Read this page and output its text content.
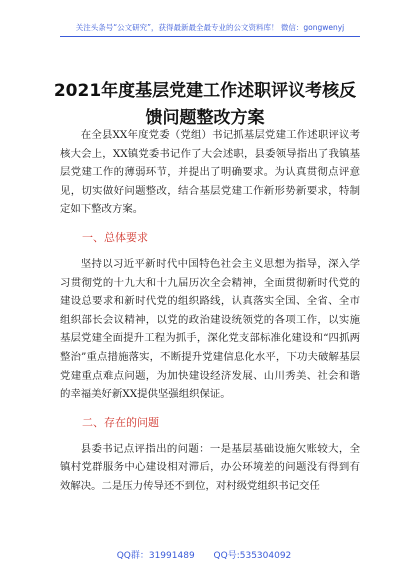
关注头条号“公文研究”，获得最新最全最专业的公文资料库！ 微信：gongwenyj
2021年度基层党建工作述职评议考核反馈问题整改方案

在全县XX年度党委（党组）书记抓基层党建工作述职评议考核大会上，XX镇党委书记作了大会述职，县委领导指出了我镇基层党建工作的薄弱环节，并提出了明确要求。为认真贯彻点评意见，切实做好问题整改，结合基层党建工作新形势新要求，特制定如下整改方案。

一、总体要求

坚持以习近平新时代中国特色社会主义思想为指导，深入学习贯彻党的十九大和十九届历次全会精神，全面贯彻新时代党的建设总要求和新时代党的组织路线，认真落实全国、全省、全市组织部长会议精神，以党的政治建设统领党的各项工作，以实施基层党建全面提升工程为抓手，深化党支部标准化建设和“四抓两整治”重点措施落实，不断提升党建信息化水平，下功夫破解基层党建重点难点问题，为加快建设经济发展、山川秀美、社会和谐的幸福美好新XX提供坚强组织保证。

二、存在的问题

县委书记点评指出的问题：一是基层基础设施欠账较大，全镇村党群服务中心建设相对滞后，办公环境差的问题没有得到有效解决。二是压力传导还不到位，对村级党组织书记交任

QQ群：31991489 QQ号:535304092
